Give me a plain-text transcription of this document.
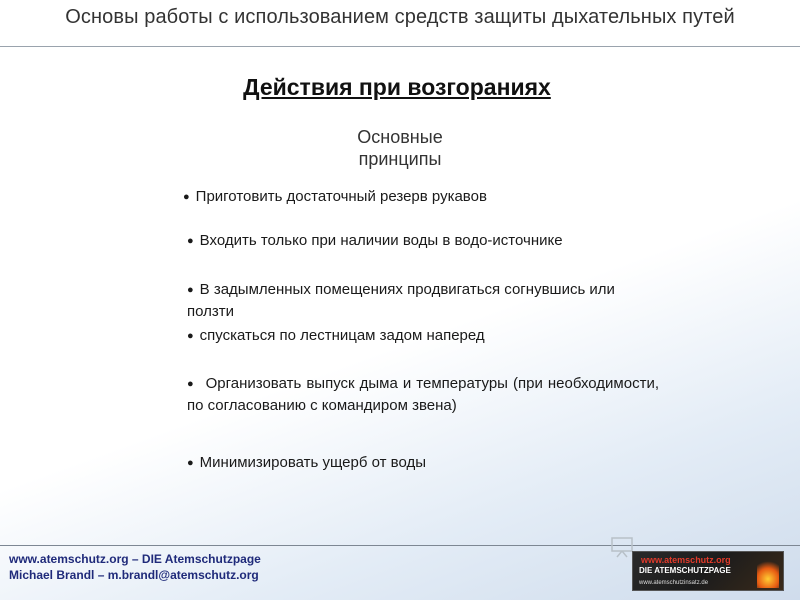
Основы работы с использованием средств защиты дыхательных путей
Действия при возгораниях
Основные
принципы
● Приготовить достаточный резерв рукавов
● Входить только при наличии воды в водо-источнике
● В задымленных помещениях продвигаться согнувшись или ползти
● спускаться по лестницам задом наперед
● Организовать выпуск дыма и температуры (при необходимости, по согласованию с командиром звена)
● Минимизировать ущерб от воды
www.atemschutz.org – DIE Atemschutzpage
Michael Brandl – m.brandl@atemschutz.org
www.atemschutz.org
DIE ATEMSCHUTZPAGE
www.atemschutzinsatz.de
